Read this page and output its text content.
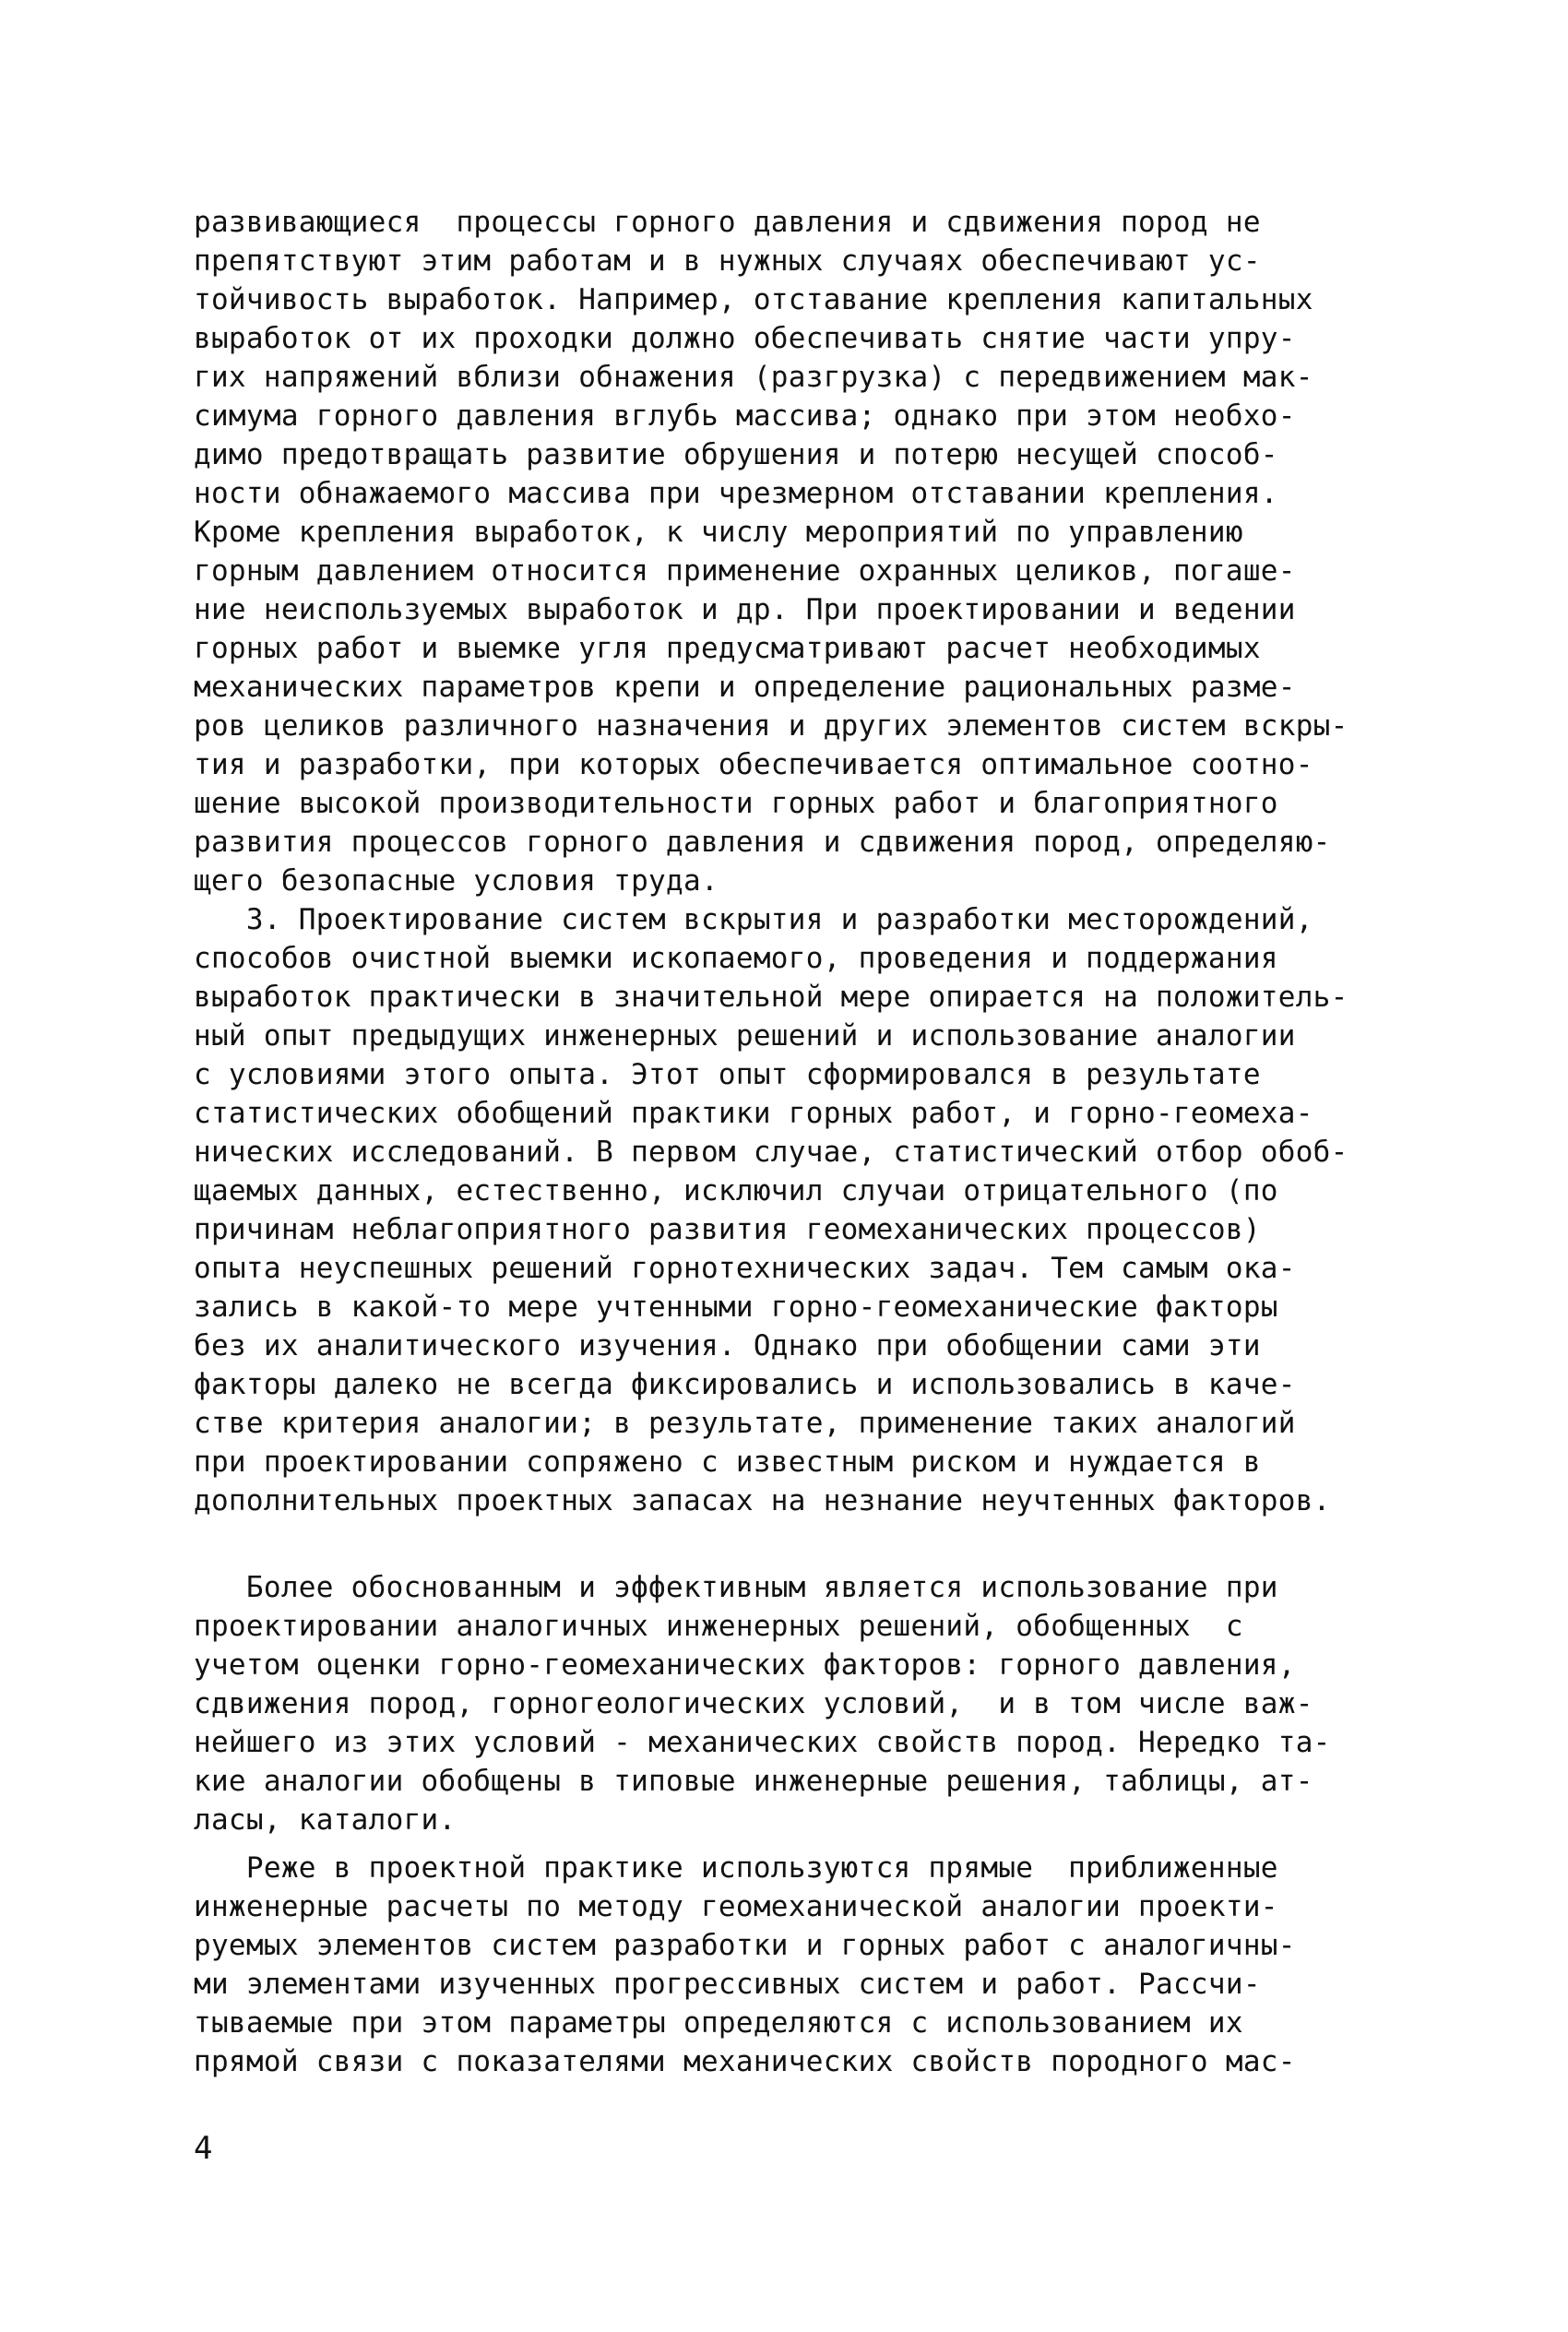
развивающиеся  процессы горного давления и сдвижения пород не
препятствуют этим работам и в нужных случаях обеспечивают ус-
тойчивость выработок. Например, отставание крепления капитальных
выработок от их проходки должно обеспечивать снятие части упру-
гих напряжений вблизи обнажения (разгрузка) с передвижением мак-
симума горного давления вглубь массива; однако при этом необхо-
димо предотвращать развитие обрушения и потерю несущей способ-
ности обнажаемого массива при чрезмерном отставании крепления.
Кроме крепления выработок, к числу мероприятий по управлению
горным давлением относится применение охранных целиков, погаше-
ние неиспользуемых выработок и др. При проектировании и ведении
горных работ и выемке угля предусматривают расчет необходимых
механических параметров крепи и определение рациональных разме-
ров целиков различного назначения и других элементов систем вскры-
тия и разработки, при которых обеспечивается оптимальное соотно-
шение высокой производительности горных работ и благоприятного
развития процессов горного давления и сдвижения пород, определяю-
щего безопасные условия труда.
3. Проектирование систем вскрытия и разработки месторождений,
способов очистной выемки ископаемого, проведения и поддержания
выработок практически в значительной мере опирается на положитель-
ный опыт предыдущих инженерных решений и использование аналогии
с условиями этого опыта. Этот опыт сформировался в результате
статистических обобщений практики горных работ, и горно-геомеха-
нических исследований. В первом случае, статистический отбор обоб-
щаемых данных, естественно, исключил случаи отрицательного (по
причинам неблагоприятного развития геомеханических процессов)
опыта неуспешных решений горнотехнических задач. Тем самым ока-
зались в какой-то мере учтенными горно-геомеханические факторы
без их аналитического изучения. Однако при обобщении сами эти
факторы далеко не всегда фиксировались и использовались в каче-
стве критерия аналогии; в результате, применение таких аналогий
при проектировании сопряжено с известным риском и нуждается в
дополнительных проектных запасах на незнание неучтенных факторов.
Более обоснованным и эффективным является использование при
проектировании аналогичных инженерных решений, обобщенных  с
учетом оценки горно-геомеханических факторов: горного давления,
сдвижения пород, горногеологических условий,  и в том числе важ-
нейшего из этих условий - механических свойств пород. Нередко та-
кие аналогии обобщены в типовые инженерные решения, таблицы, ат-
ласы, каталоги.
Реже в проектной практике используются прямые  приближенные
инженерные расчеты по методу геомеханической аналогии проекти-
руемых элементов систем разработки и горных работ с аналогичны-
ми элементами изученных прогрессивных систем и работ. Рассчи-
тываемые при этом параметры определяются с использованием их
прямой связи с показателями механических свойств породного мас-
4
